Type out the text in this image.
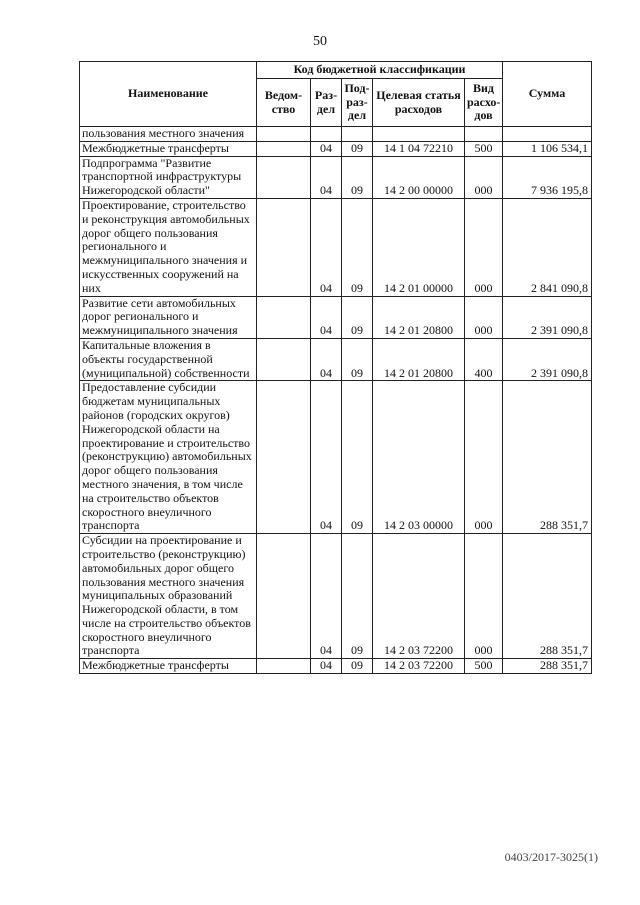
50
Наименование	Код бюджетной классификации					Сумма
	Ведом-ство	Раз-дел	Под-раз-дел	Целевая статья расходов	Вид расхо-дов	
пользования местного значения						
Межбюджетные трансферты		04	09	14 1 04 72210	500	1 106 534,1
Подпрограмма "Развитие транспортной инфраструктуры Нижегородской области"		04	09	14 2 00 00000	000	7 936 195,8
Проектирование, строительство и реконструкция автомобильных дорог общего пользования регионального и межмуниципального значения и искусственных сооружений на них		04	09	14 2 01 00000	000	2 841 090,8
Развитие сети автомобильных дорог регионального и межмуниципального значения		04	09	14 2 01 20800	000	2 391 090,8
Капитальные вложения в объекты государственной (муниципальной) собственности		04	09	14 2 01 20800	400	2 391 090,8
Предоставление субсидии бюджетам муниципальных районов (городских округов) Нижегородской области на проектирование и строительство (реконструкцию) автомобильных дорог общего пользования местного значения, в том числе на строительство объектов скоростного внеуличного транспорта		04	09	14 2 03 00000	000	288 351,7
Субсидии на проектирование и строительство (реконструкцию) автомобильных дорог общего пользования местного значения муниципальных образований Нижегородской области, в том числе на строительство объектов скоростного внеуличного транспорта		04	09	14 2 03 72200	000	288 351,7
Межбюджетные трансферты		04	09	14 2 03 72200	500	288 351,7
0403/2017-3025(1)
